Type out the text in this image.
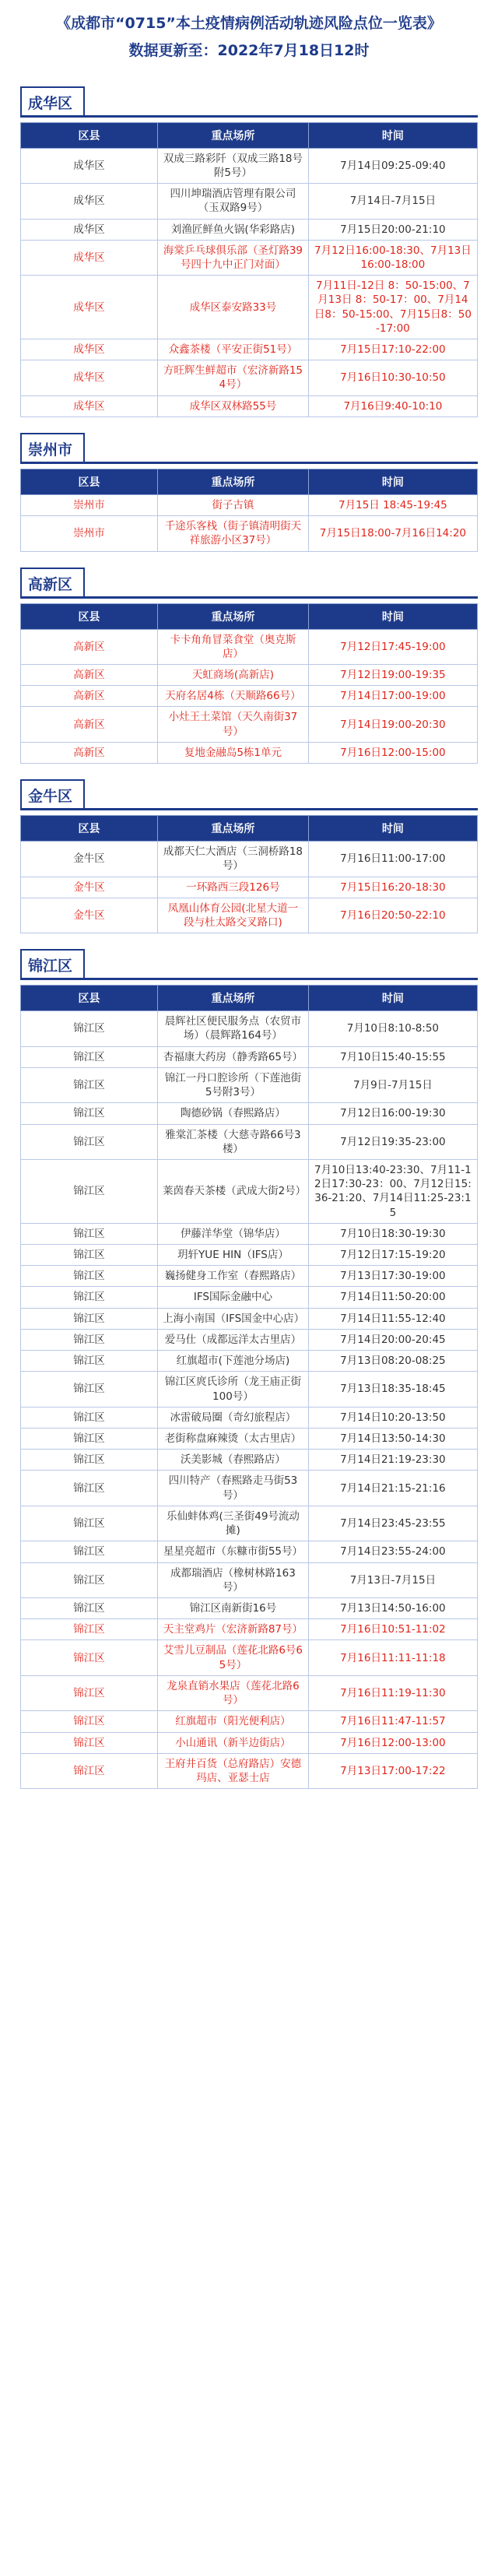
《成都市“0715”本土疫情病例活动轨迹风险点位一览表》
数据更新至：2022年7月18日12时
成华区
区县	重点场所	时间
成华区	双成三路彩阡（双成三路18号附5号）	7月14日09:25-09:40
成华区	四川坤瑞酒店管理有限公司（玉双路9号）	7月14日-7月15日
成华区	刘渔匠鲜鱼火锅(华彩路店)	7月15日20:00-21:10
成华区	海棠乒乓球俱乐部（圣灯路39号四十九中正门对面）	7月12日16:00-18:30、7月13日16:00-18:00
成华区	成华区泰安路33号	7月11日-12日 8：50-15:00、7月13日 8：50-17：00、7月14日8：50-15:00、7月15日8：50-17:00
成华区	众鑫茶楼（平安正街51号）	7月15日17:10-22:00
成华区	方旺辉生鲜超市（宏济新路154号）	7月16日10:30-10:50
成华区	成华区双林路55号	7月16日9:40-10:10
崇州市
区县	重点场所	时间
崇州市	街子古镇	7月15日 18:45-19:45
崇州市	千途乐客栈（街子镇清明街天祥旅游小区37号）	7月15日18:00-7月16日14:20
高新区
区县	重点场所	时间
高新区	卡卡角角冒菜食堂（奥克斯店）	7月12日17:45-19:00
高新区	天虹商场(高新店)	7月12日19:00-19:35
高新区	天府名居4栋（天顺路66号）	7月14日17:00-19:00
高新区	小灶王土菜馆（天久南街37号）	7月14日19:00-20:30
高新区	复地金融岛5栋1单元	7月16日12:00-15:00
金牛区
区县	重点场所	时间
金牛区	成都天仁大酒店（三洞桥路18号）	7月16日11:00-17:00
金牛区	一环路西三段126号	7月15日16:20-18:30
金牛区	凤凰山体育公园(北星大道一段与杜太路交叉路口)	7月16日20:50-22:10
锦江区
区县	重点场所	时间
锦江区	晨辉社区便民服务点（农贸市场）（晨辉路164号）	7月10日8:10-8:50
锦江区	杏福康大药房（静秀路65号）	7月10日15:40-15:55
锦江区	锦江一丹口腔诊所（下莲池街5号附3号）	7月9日-7月15日
锦江区	陶德砂锅（春熙路店）	7月12日16:00-19:30
锦江区	雅棠汇茶楼（大慈寺路66号3楼）	7月12日19:35-23:00
锦江区	莱茵春天茶楼（武成大街2号）	7月10日13:40-23:30、7月11-12日17:30-23：00、7月12日15:36-21:20、7月14日11:25-23:15
锦江区	伊藤洋华堂（锦华店）	7月10日18:30-19:30
锦江区	玥轩YUE HIN（IFS店）	7月12日17:15-19:20
锦江区	巍扬健身工作室（春熙路店）	7月13日17:30-19:00
锦江区	IFS国际金融中心	7月14日11:50-20:00
锦江区	上海小南国（IFS国金中心店）	7月14日11:55-12:40
锦江区	爱马仕（成都远洋太古里店）	7月14日20:00-20:45
锦江区	红旗超市(下莲池分场店)	7月13日08:20-08:25
锦江区	锦江区庹氏诊所（龙王庙正街100号）	7月13日18:35-18:45
锦江区	冰雷破局圈（奇幻旅程店）	7月14日10:20-13:50
锦江区	老街称盘麻辣烫（太古里店）	7月14日13:50-14:30
锦江区	沃美影城（春熙路店）	7月14日21:19-23:30
锦江区	四川特产（春熙路走马街53号）	7月14日21:15-21:16
锦江区	乐仙蚌体鸡(三圣街49号流动摊)	7月14日23:45-23:55
锦江区	星星亮超市（东糠市街55号）	7月14日23:55-24:00
锦江区	成都瑞酒店（橡树林路163号）	7月13日-7月15日
锦江区	锦江区南新街16号	7月13日14:50-16:00
锦江区	天主堂鸡片（宏济新路87号）	7月16日10:51-11:02
锦江区	艾雪儿豆制品（莲花北路6号65号）	7月16日11:11-11:18
锦江区	龙泉直销水果店（莲花北路6号）	7月16日11:19-11:30
锦江区	红旗超市（阳光便利店）	7月16日11:47-11:57
锦江区	小山通讯（新半边街店）	7月16日12:00-13:00
锦江区	王府井百货（总府路店）安德玛店、亚瑟士店	7月13日17:00-17:22
